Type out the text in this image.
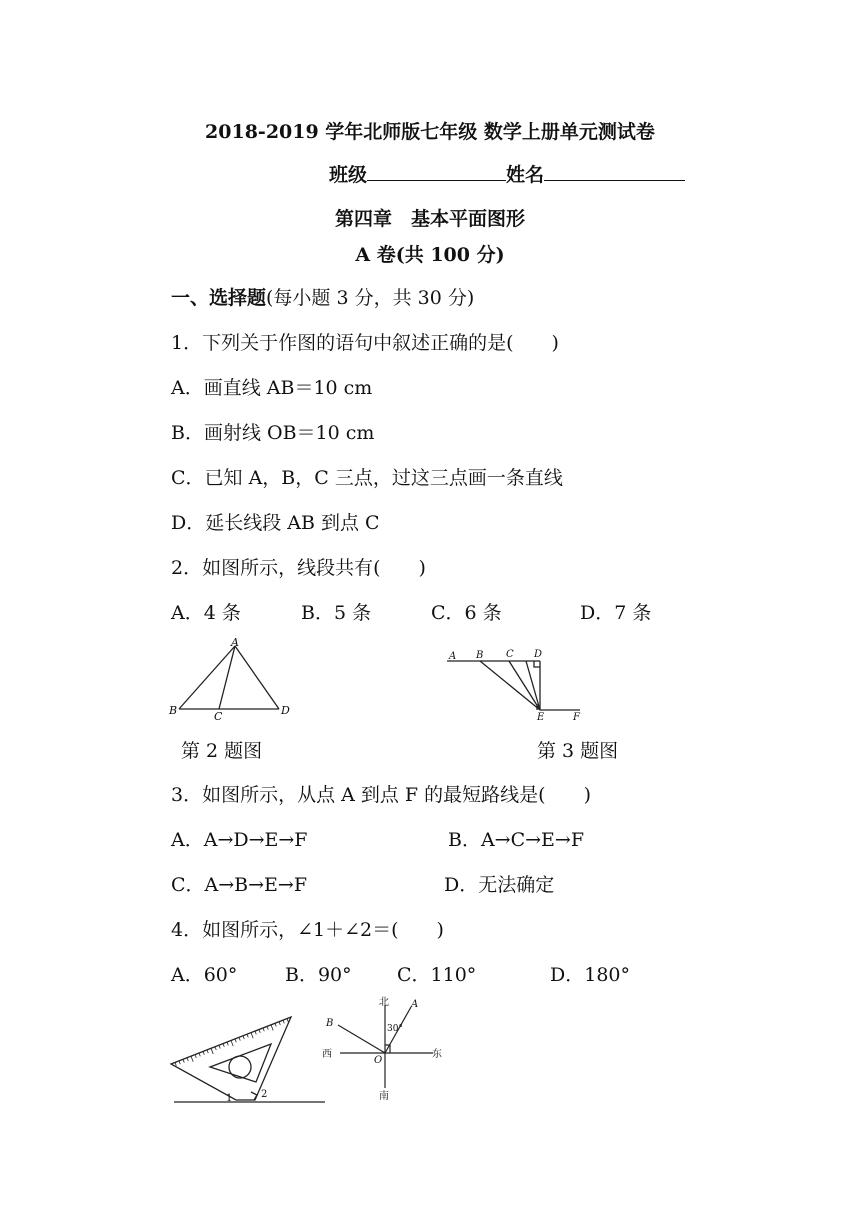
2018-2019 学年北师版七年级 数学上册单元测试卷
班级	姓名
第四章　基本平面图形
A 卷(共 100 分)
一、选择题(每小题 3 分，共 30 分)
1．下列关于作图的语句中叙述正确的是(　　)
A．画直线 AB＝10 cm
B．画射线 OB＝10 cm
C．已知 A，B，C 三点，过这三点画一条直线
D．延长线段 AB 到点 C
2．如图所示，线段共有(　　)
A．4 条	B．5 条	C．6 条	D．7 条
A
B	C	D
A B C D
E	F
第 2 题图	第 3 题图
3．如图所示，从点 A 到点 F 的最短路线是(　　)
A．A→D→E→F	B．A→C→E→F
C．A→B→E→F	D．无法确定
4．如图所示，∠1＋∠2＝(　　)
A．60°	B．90° C．110°	D．180°
1	2
北
南
西	东
A
B
O
30°
